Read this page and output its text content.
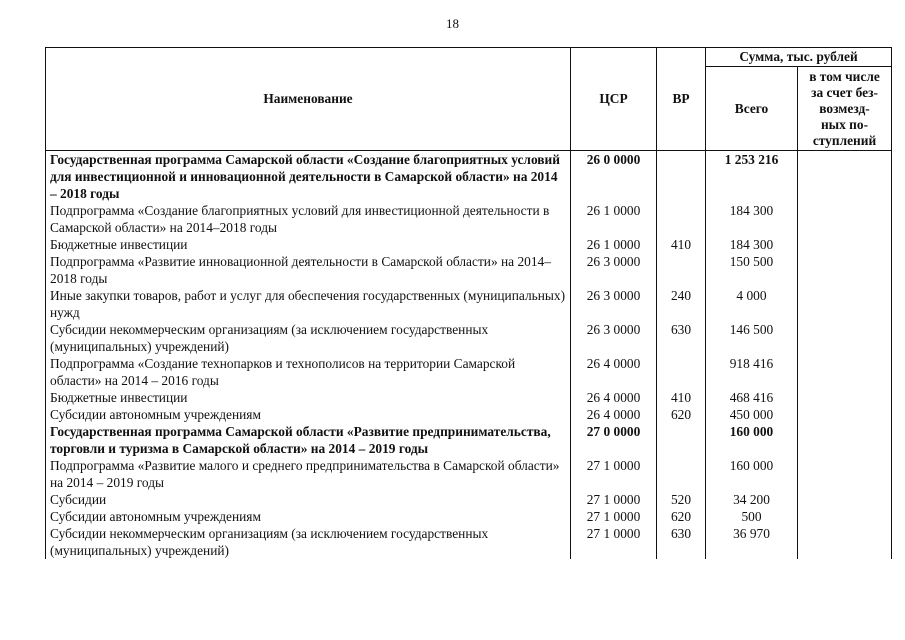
18
Наименование	ЦСР	ВР	Сумма, тыс. рублей	
			Всего	в том числе
за счет без-
возмезд-
ных по-
ступлений

Государственная программа Самарской области «Создание благоприятных условий для инвестиционной и инновационной деятельности в Самарской области» на 2014 – 2018 годы	26 0 0000		1 253 216	
Подпрограмма «Создание благоприятных условий для инвестиционной деятельности в Самарской области» на 2014–2018 годы	26 1 0000		184 300	
Бюджетные инвестиции	26 1 0000	410	184 300	
Подпрограмма «Развитие инновационной деятельности в Самарской области» на 2014–2018 годы	26 3 0000		150 500	
Иные закупки товаров, работ и услуг для обеспечения государственных (муниципальных) нужд	26 3 0000	240	4 000	
Субсидии некоммерческим организациям (за исключением государственных (муниципальных) учреждений)	26 3 0000	630	146 500	
Подпрограмма «Создание технопарков и технополисов на территории Самарской области» на 2014 – 2016 годы	26 4 0000		918 416	
Бюджетные инвестиции	26 4 0000	410	468 416	
Субсидии автономным учреждениям	26 4 0000	620	450 000	
Государственная программа Самарской области «Развитие предпринимательства, торговли и туризма в Самарской области» на 2014 – 2019 годы	27 0 0000		160 000	
Подпрограмма «Развитие малого и среднего предпринимательства в Самарской области» на 2014 – 2019 годы	27 1 0000		160 000	
Субсидии	27 1 0000	520	34 200	
Субсидии автономным учреждениям	27 1 0000	620	500	
Субсидии некоммерческим организациям (за исключением государственных (муниципальных) учреждений)	27 1 0000	630	36 970	
